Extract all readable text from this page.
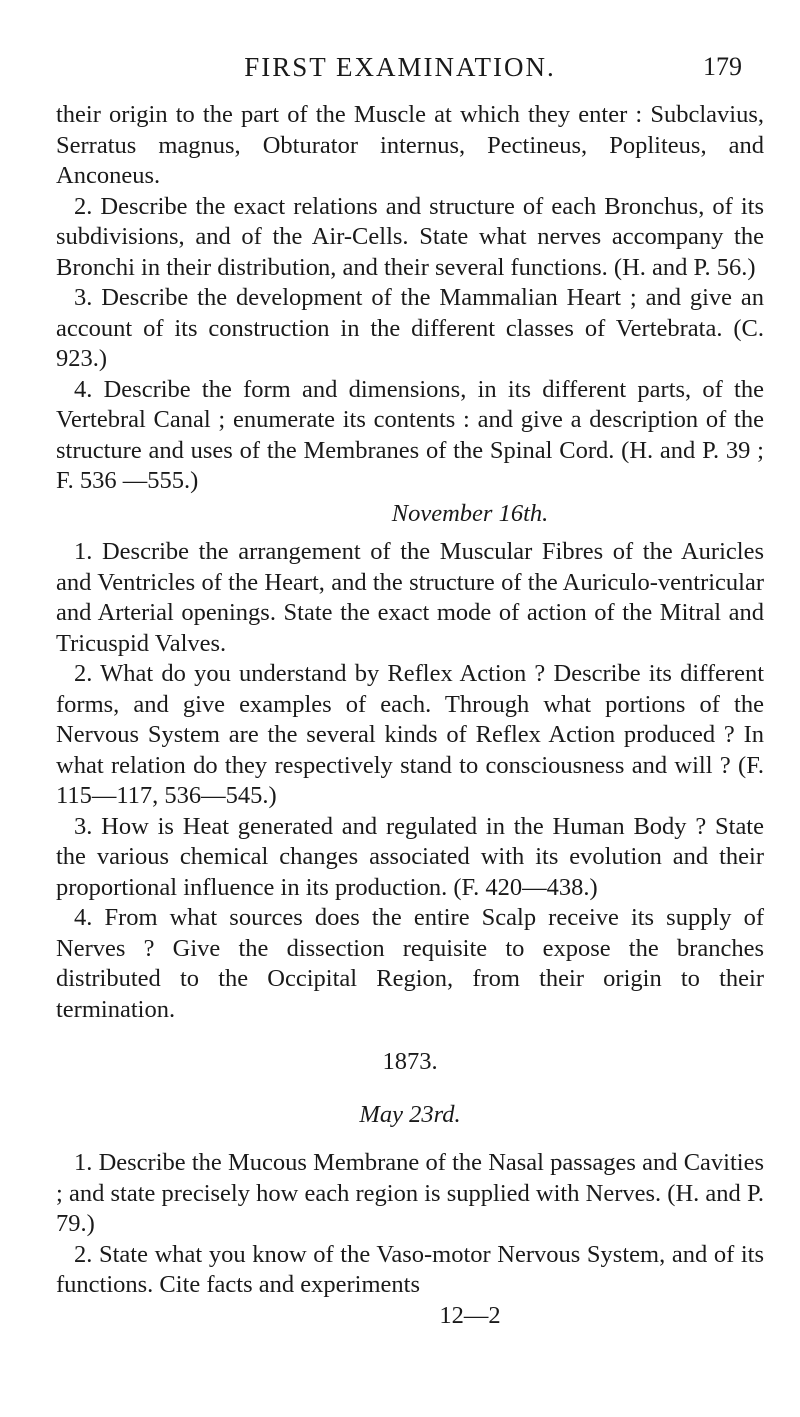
FIRST EXAMINATION.	179

their origin to the part of the Muscle at which they enter : Subclavius, Serratus magnus, Obturator internus, Pectineus, Popliteus, and Anconeus.

2. Describe the exact relations and structure of each Bronchus, of its subdivisions, and of the Air-Cells. State what nerves accompany the Bronchi in their distribution, and their several functions. (H. and P. 56.)

3. Describe the development of the Mammalian Heart ; and give an account of its construction in the different classes of Vertebrata. (C. 923.)

4. Describe the form and dimensions, in its different parts, of the Vertebral Canal ; enumerate its contents : and give a description of the structure and uses of the Membranes of the Spinal Cord. (H. and P. 39 ; F. 536 —555.)

November 16th.

1. Describe the arrangement of the Muscular Fibres of the Auricles and Ventricles of the Heart, and the structure of the Auriculo-ventricular and Arterial openings. State the exact mode of action of the Mitral and Tricuspid Valves.

2. What do you understand by Reflex Action ? Describe its different forms, and give examples of each. Through what portions of the Nervous System are the several kinds of Reflex Action produced ? In what relation do they respectively stand to consciousness and will ? (F. 115—117, 536—545.)

3. How is Heat generated and regulated in the Human Body ? State the various chemical changes associated with its evolution and their proportional influence in its production. (F. 420—438.)

4. From what sources does the entire Scalp receive its supply of Nerves ? Give the dissection requisite to expose the branches distributed to the Occipital Region, from their origin to their termination.

1873.

May 23rd.

1. Describe the Mucous Membrane of the Nasal passages and Cavities ; and state precisely how each region is supplied with Nerves. (H. and P. 79.)

2. State what you know of the Vaso-motor Nervous System, and of its functions. Cite facts and experiments

12—2
